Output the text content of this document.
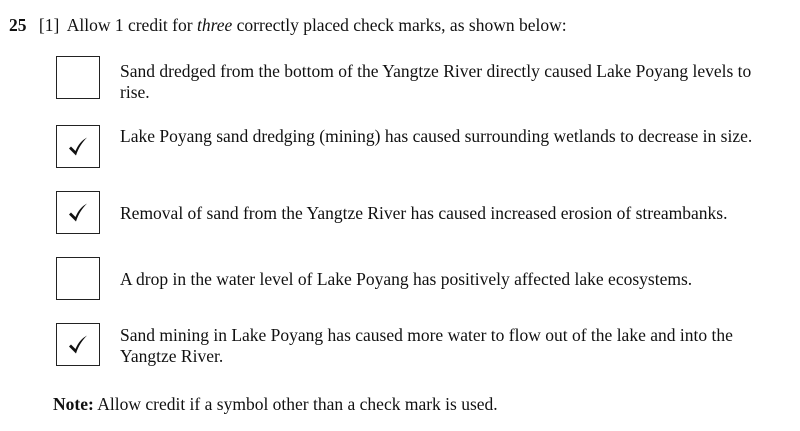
25 [1] Allow 1 credit for three correctly placed check marks, as shown below:
Sand dredged from the bottom of the Yangtze River directly caused Lake Poyang levels to rise.
Lake Poyang sand dredging (mining) has caused surrounding wetlands to decrease in size.
Removal of sand from the Yangtze River has caused increased erosion of streambanks.
A drop in the water level of Lake Poyang has positively affected lake ecosystems.
Sand mining in Lake Poyang has caused more water to flow out of the lake and into the Yangtze River.
Note: Allow credit if a symbol other than a check mark is used.
